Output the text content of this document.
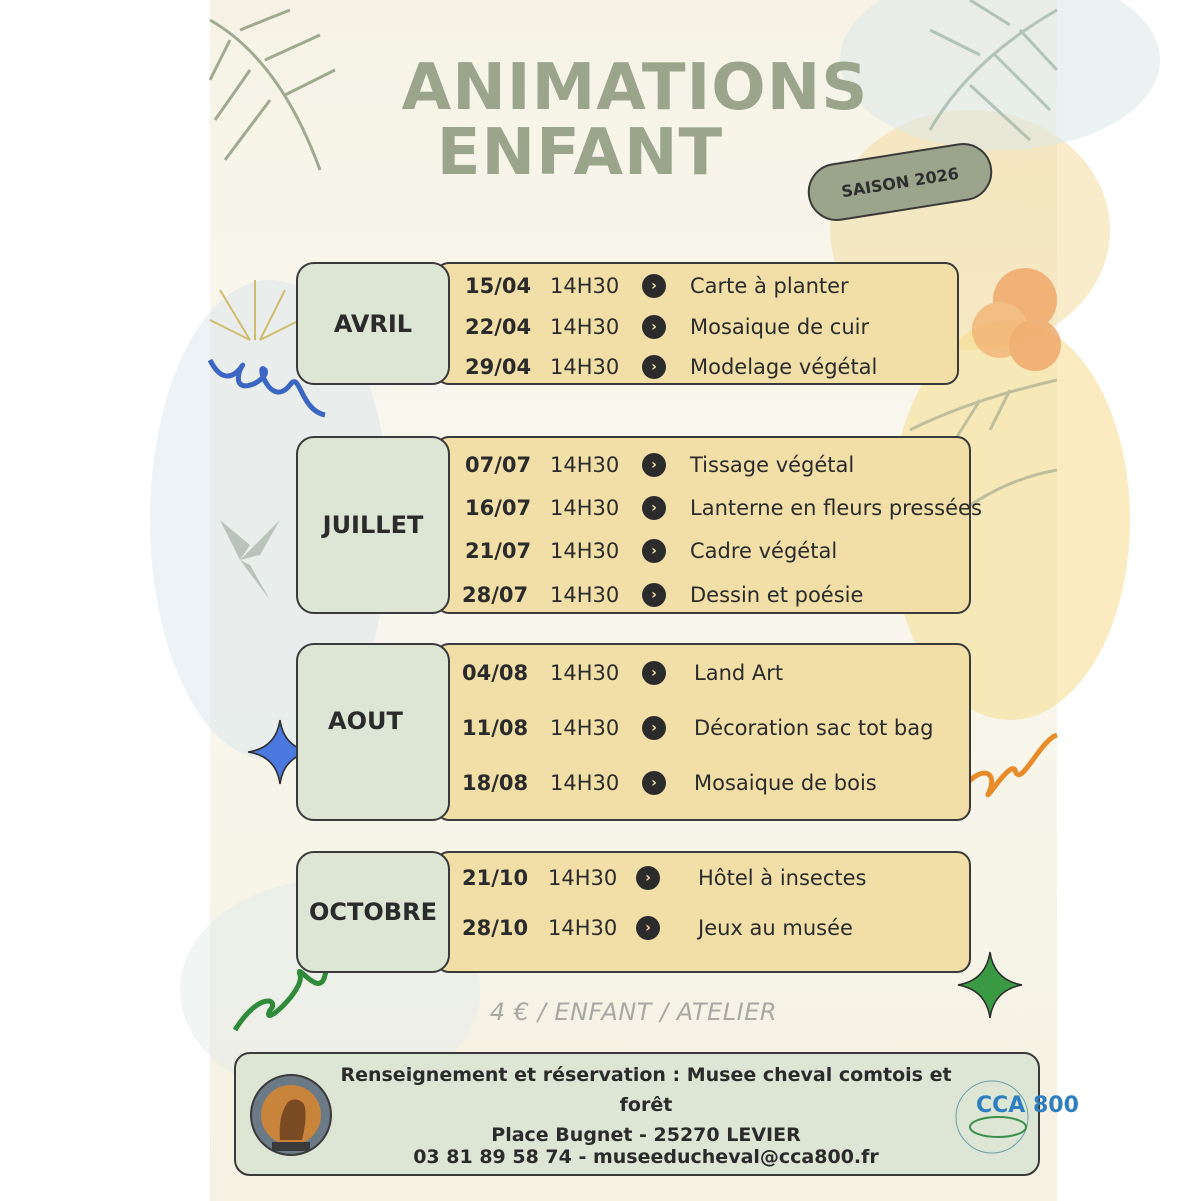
ANIMATIONS
ENFANT	SAISON 2026
AVRIL
15/04 14H30	›	Carte à planter
22/04 14H30	›	Mosaique de cuir
29/04 14H30	›	Modelage végétal
JUILLET
07/07 14H30	›	Tissage végétal
16/07 14H30	›	Lanterne en fleurs pressées
21/07 14H30	›	Cadre végétal
28/07	14H30	›	Dessin et poésie
AOUT
04/08	14H30	›	Land Art
11/08	14H30	›	Décoration sac tot bag
18/08	14H30	›	Mosaique de bois
OCTOBRE
21/10 14H30	›	Hôtel à insectes
28/10 14H30	›	Jeux au musée
4 € / ENFANT / ATELIER
Renseignement et réservation : Musee cheval comtois et
forêt
Place Bugnet - 25270 LEVIER
03 81 89 58 74 - museeducheval@cca800.fr
CCA 800
